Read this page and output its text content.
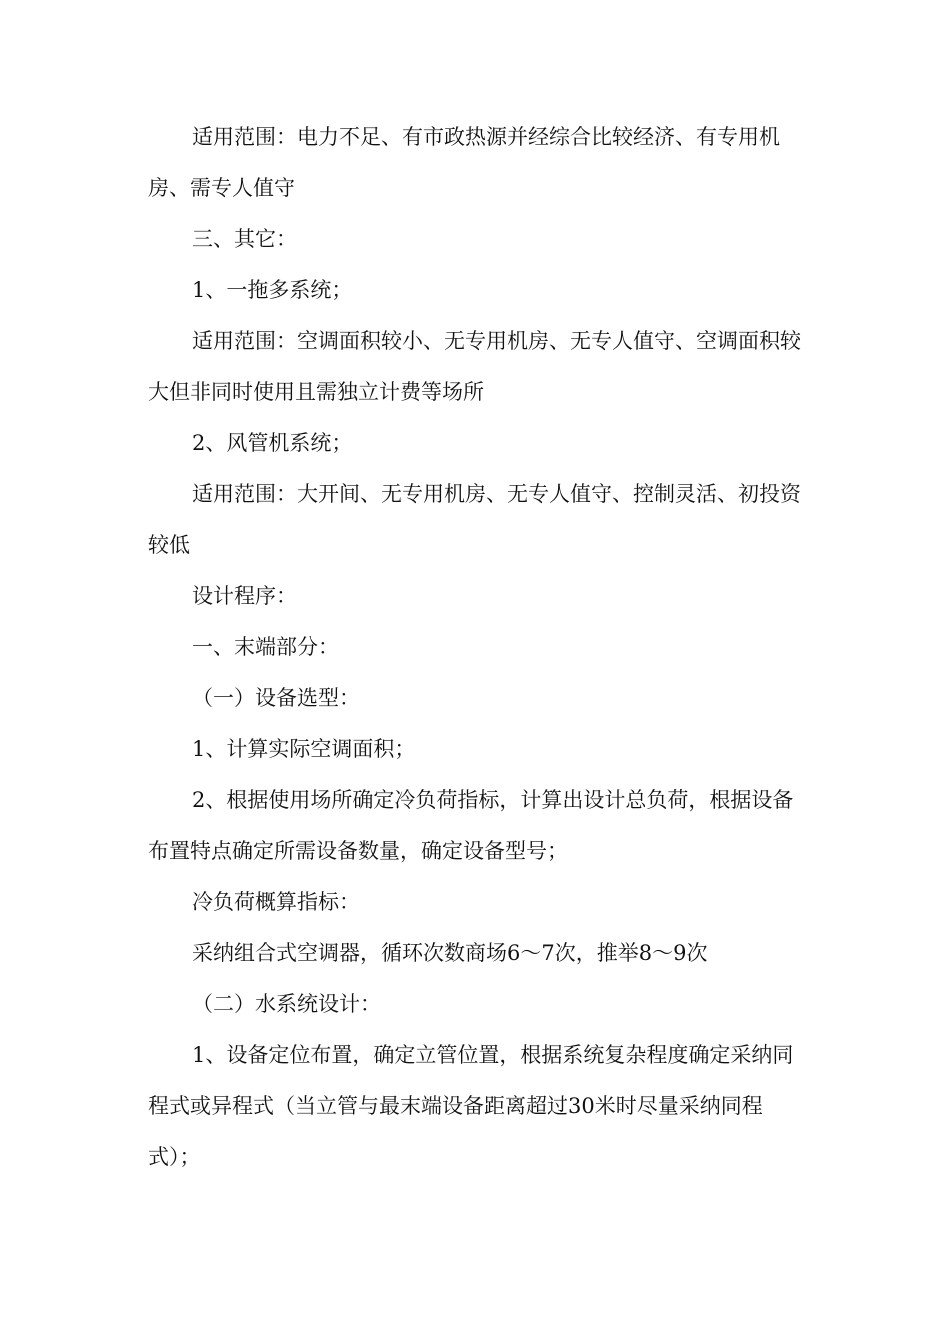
适用范围：电力不足、有市政热源并经综合比较经济、有专用机房、需专人值守

三、其它：

1、一拖多系统；

适用范围：空调面积较小、无专用机房、无专人值守、空调面积较大但非同时使用且需独立计费等场所

2、风管机系统；

适用范围：大开间、无专用机房、无专人值守、控制灵活、初投资较低

设计程序：

一、末端部分：

（一）设备选型：

1、计算实际空调面积；

2、根据使用场所确定冷负荷指标，计算出设计总负荷，根据设备布置特点确定所需设备数量，确定设备型号；

冷负荷概算指标：

采纳组合式空调器，循环次数商场6～7次，推举8～9次

（二）水系统设计：

1、设备定位布置，确定立管位置，根据系统复杂程度确定采纳同程式或异程式（当立管与最末端设备距离超过30米时尽量采纳同程式）；
